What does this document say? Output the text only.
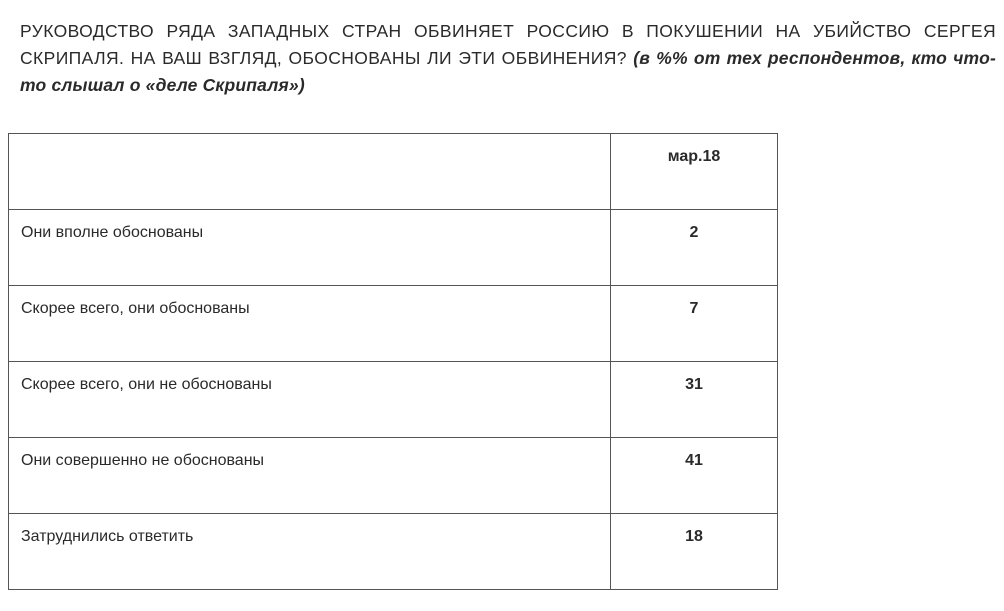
РУКОВОДСТВО РЯДА ЗАПАДНЫХ СТРАН ОБВИНЯЕТ РОССИЮ В ПОКУШЕНИИ НА УБИЙСТВО СЕРГЕЯ СКРИПАЛЯ. НА ВАШ ВЗГЛЯД, ОБОСНОВАНЫ ЛИ ЭТИ ОБВИНЕНИЯ? (в %% от тех респондентов, кто что-то слышал о «деле Скрипаля»)
	мар.18
Они вполне обоснованы	2
Скорее всего, они обоснованы	7
Скорее всего, они не обоснованы	31
Они совершенно не обоснованы	41
Затруднились ответить	18
